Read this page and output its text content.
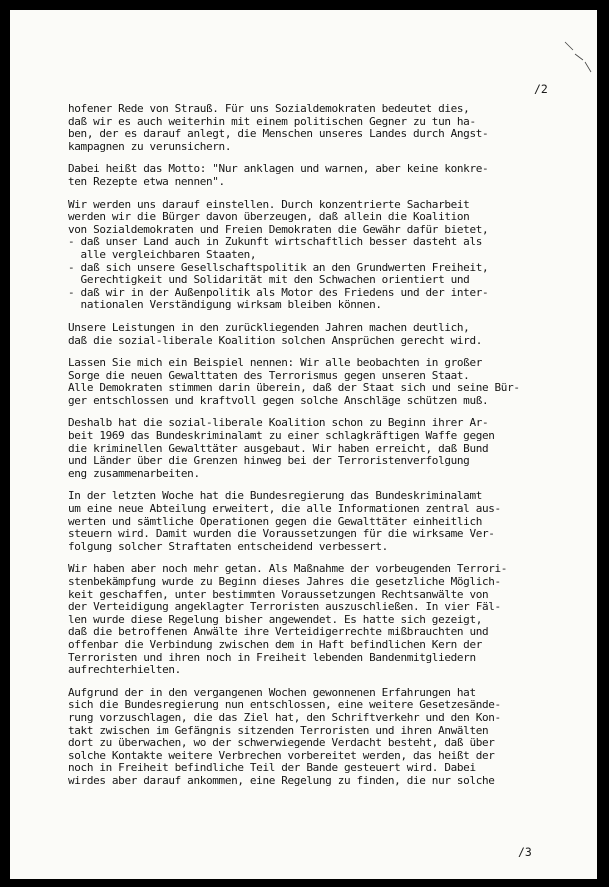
/2
hofener Rede von Strauß. Für uns Sozialdemokraten bedeutet dies,
daß wir es auch weiterhin mit einem politischen Gegner zu tun ha-
ben, der es darauf anlegt, die Menschen unseres Landes durch Angst-
kampagnen zu verunsichern.
Dabei heißt das Motto: "Nur anklagen und warnen, aber keine konkre-
ten Rezepte etwa nennen".
Wir werden uns darauf einstellen. Durch konzentrierte Sacharbeit
werden wir die Bürger davon überzeugen, daß allein die Koalition
von Sozialdemokraten und Freien Demokraten die Gewähr dafür bietet,
- daß unser Land auch in Zukunft wirtschaftlich besser dasteht als
alle vergleichbaren Staaten,
- daß sich unsere Gesellschaftspolitik an den Grundwerten Freiheit,
Gerechtigkeit und Solidarität mit den Schwachen orientiert und
- daß wir in der Außenpolitik als Motor des Friedens und der inter-
nationalen Verständigung wirksam bleiben können.
Unsere Leistungen in den zurückliegenden Jahren machen deutlich,
daß die sozial-liberale Koalition solchen Ansprüchen gerecht wird.
Lassen Sie mich ein Beispiel nennen: Wir alle beobachten in großer
Sorge die neuen Gewalttaten des Terrorismus gegen unseren Staat.
Alle Demokraten stimmen darin überein, daß der Staat sich und seine Bür-
ger entschlossen und kraftvoll gegen solche Anschläge schützen muß.
Deshalb hat die sozial-liberale Koalition schon zu Beginn ihrer Ar-
beit 1969 das Bundeskriminalamt zu einer schlagkräftigen Waffe gegen
die kriminellen Gewalttäter ausgebaut. Wir haben erreicht, daß Bund
und Länder über die Grenzen hinweg bei der Terroristenverfolgung
eng zusammenarbeiten.
In der letzten Woche hat die Bundesregierung das Bundeskriminalamt
um eine neue Abteilung erweitert, die alle Informationen zentral aus-
werten und sämtliche Operationen gegen die Gewalttäter einheitlich
steuern wird. Damit wurden die Voraussetzungen für die wirksame Ver-
folgung solcher Straftaten entscheidend verbessert.
Wir haben aber noch mehr getan. Als Maßnahme der vorbeugenden Terrori-
stenbekämpfung wurde zu Beginn dieses Jahres die gesetzliche Möglich-
keit geschaffen, unter bestimmten Voraussetzungen Rechtsanwälte von
der Verteidigung angeklagter Terroristen auszuschließen. In vier Fäl-
len wurde diese Regelung bisher angewendet. Es hatte sich gezeigt,
daß die betroffenen Anwälte ihre Verteidigerrechte mißbrauchten und
offenbar die Verbindung zwischen dem in Haft befindlichen Kern der
Terroristen und ihren noch in Freiheit lebenden Bandenmitgliedern
aufrechterhielten.
Aufgrund der in den vergangenen Wochen gewonnenen Erfahrungen hat
sich die Bundesregierung nun entschlossen, eine weitere Gesetzesände-
rung vorzuschlagen, die das Ziel hat, den Schriftverkehr und den Kon-
takt zwischen im Gefängnis sitzenden Terroristen und ihren Anwälten
dort zu überwachen, wo der schwerwiegende Verdacht besteht, daß über
solche Kontakte weitere Verbrechen vorbereitet werden, das heißt der
noch in Freiheit befindliche Teil der Bande gesteuert wird. Dabei
wirdes aber darauf ankommen, eine Regelung zu finden, die nur solche
/3
